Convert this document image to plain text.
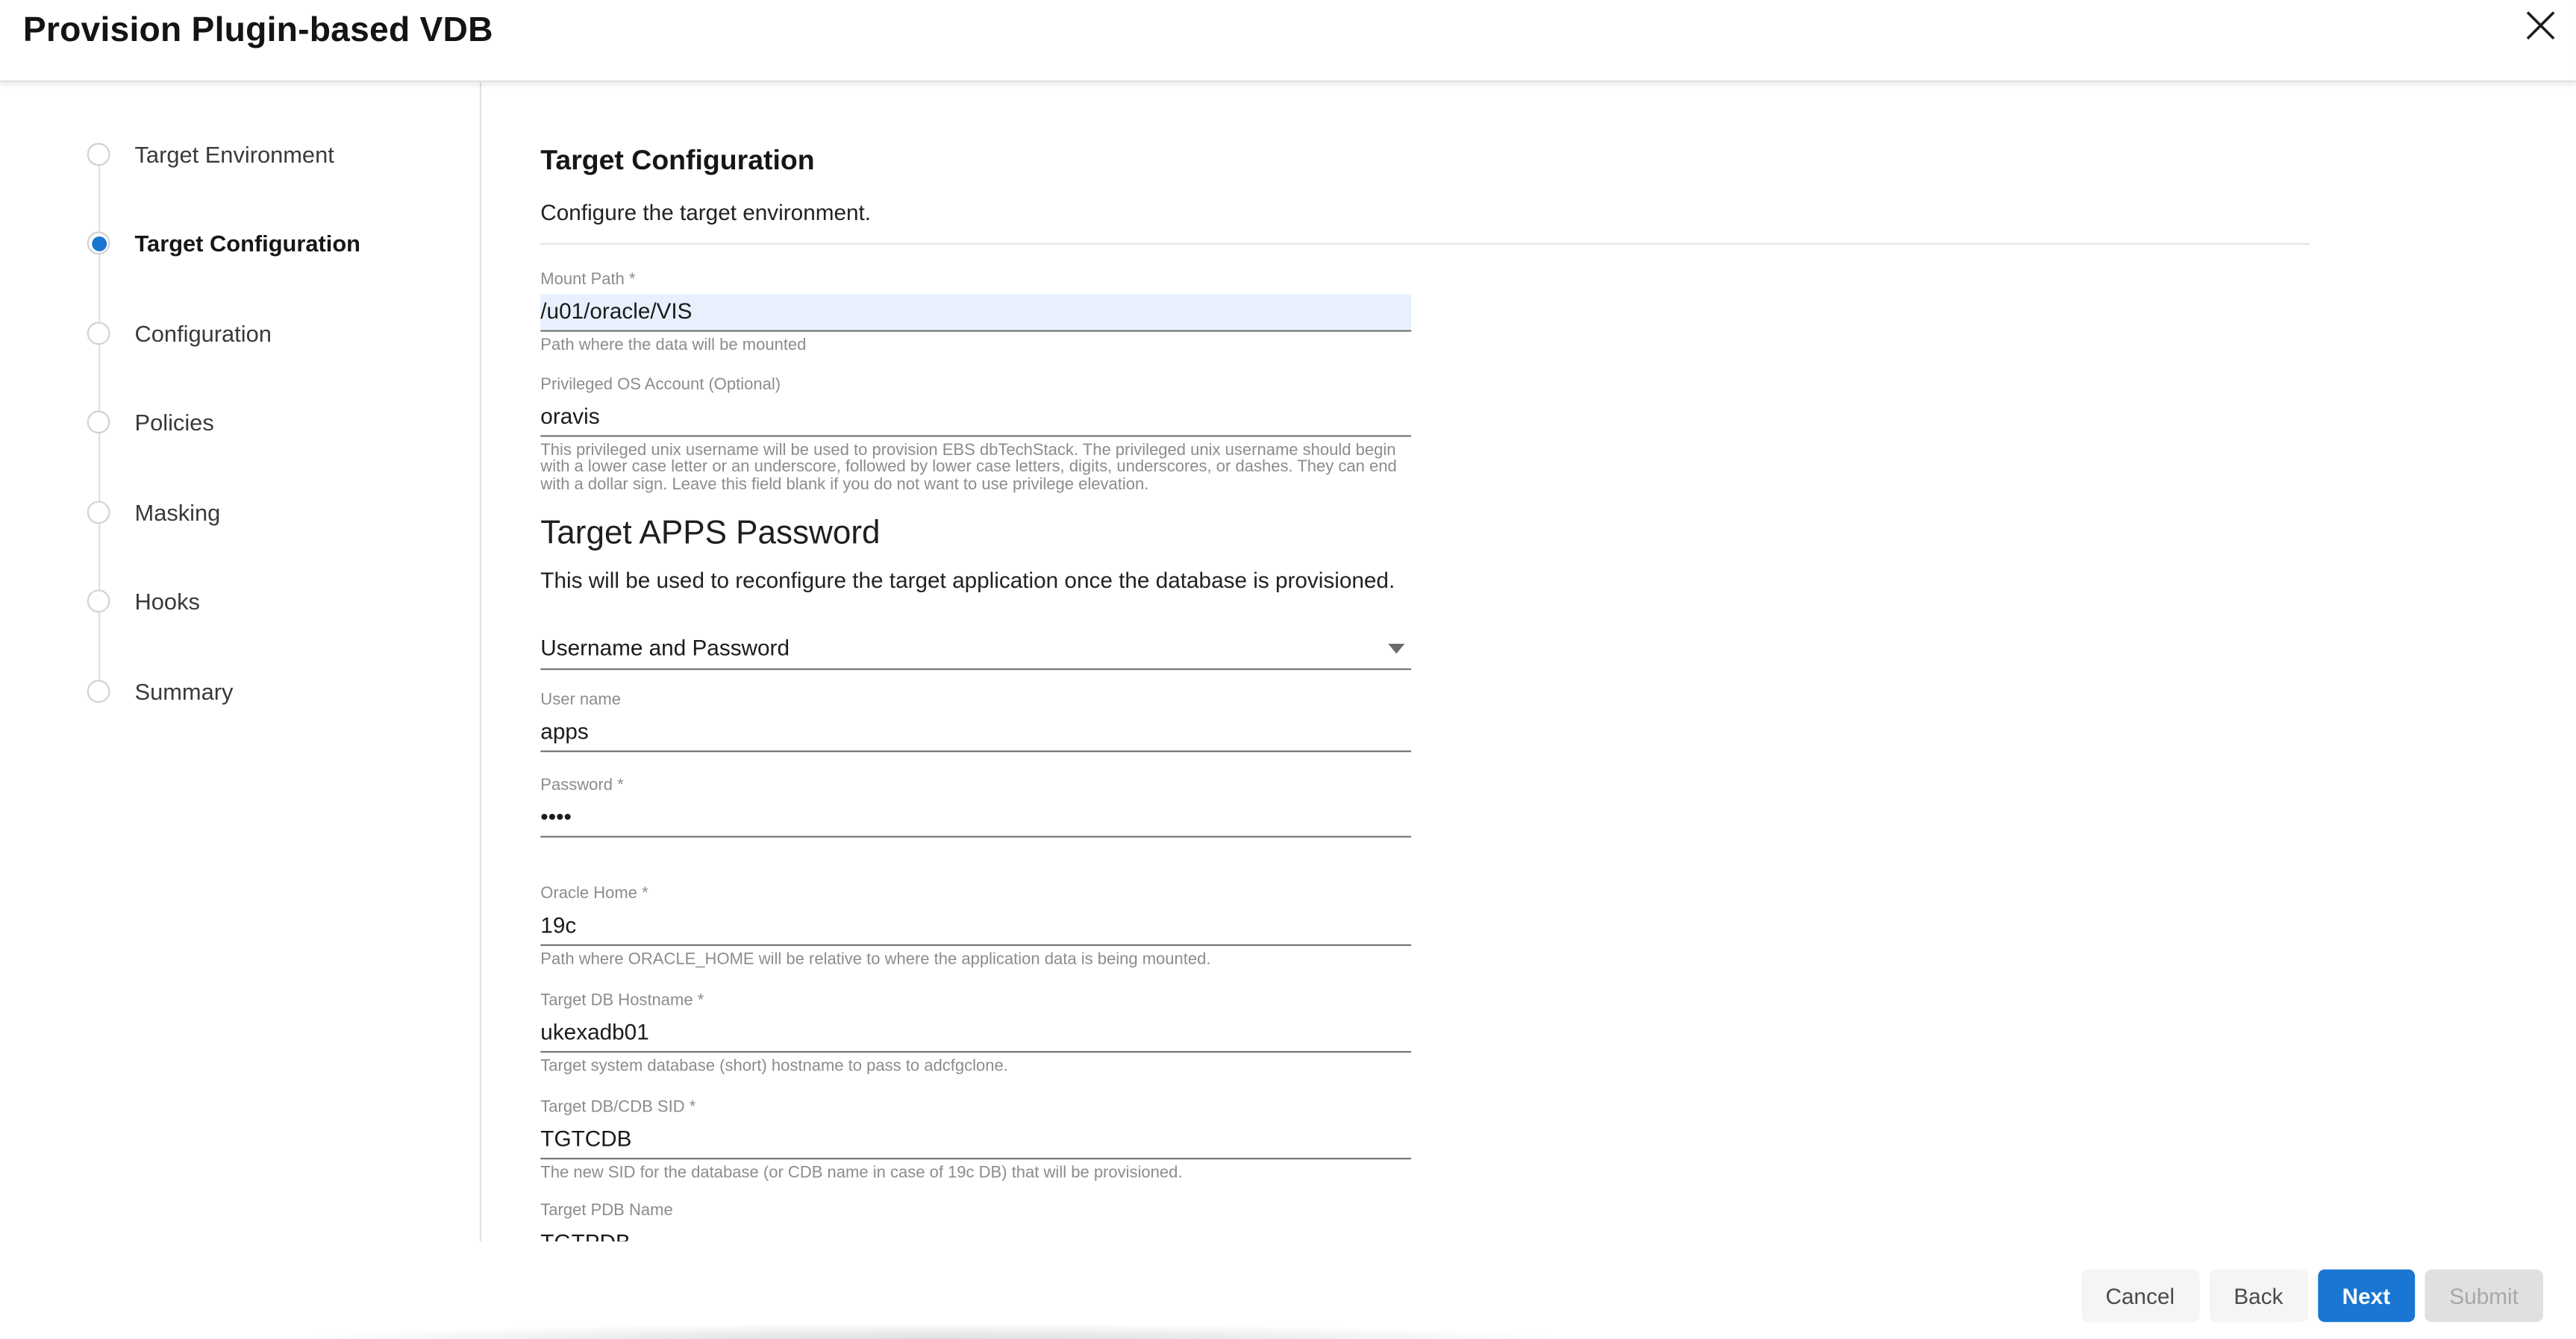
Provision Plugin-based VDB
Target Environment
Target Configuration
Configuration
Policies
Masking
Hooks
Summary
Target Configuration

Configure the target environment.

Mount Path *
/u01/oracle/VIS
Path where the data will be mounted
Privileged OS Account (Optional)
oravis
This privileged unix username will be used to provision EBS dbTechStack. The privileged unix username should begin with a lower case letter or an underscore, followed by lower case letters, digits, underscores, or dashes. They can end with a dollar sign. Leave this field blank if you do not want to use privilege elevation.
Target APPS Password

This will be used to reconfigure the target application once the database is provisioned.

Username and Password
User name
apps
Password *
••••
Oracle Home *
19c
Path where ORACLE_HOME will be relative to where the application data is being mounted.
Target DB Hostname *
ukexadb01
Target system database (short) hostname to pass to adcfgclone.
Target DB/CDB SID *
TGTCDB
The new SID for the database (or CDB name in case of 19c DB) that will be provisioned.
Target PDB Name
TGTPDB
Cancel	Back	Next	Submit
